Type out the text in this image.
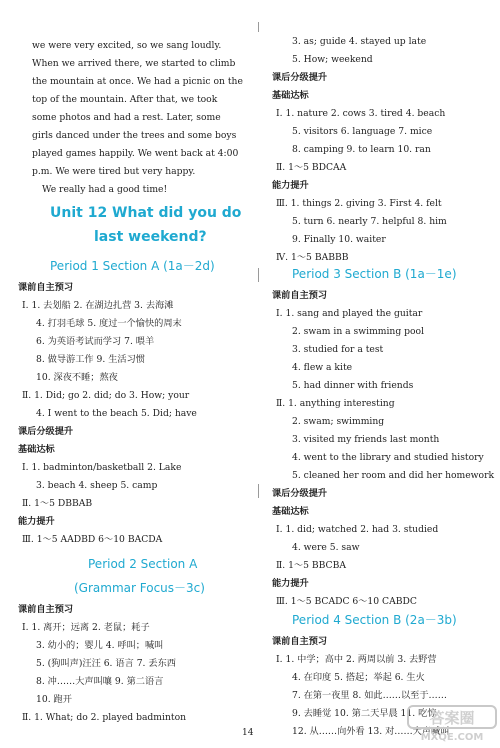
we were very excited, so we sang loudly.
When we arrived there, we started to climb
the mountain at once. We had a picnic on the
top of the mountain. After that, we took
some photos and had a rest. Later, some
girls danced under the trees and some boys
played games happily. We went back at 4:00
p.m. We were tired but very happy.
We really had a good time!
Unit 12 What did you do
last weekend?
Period 1 Section A (1a－2d)
课前自主预习
Ⅰ. 1. 去划船 2. 在湖边扎营 3. 去海滩
4. 打羽毛球 5. 度过一个愉快的周末
6. 为英语考试而学习 7. 喂羊
8. 做导游工作 9. 生活习惯
10. 深夜不睡；熬夜
Ⅱ. 1. Did; go 2. did; do 3. How; your
4. I went to the beach 5. Did; have
课后分级提升
基础达标
Ⅰ. 1. badminton/basketball 2. Lake
3. beach 4. sheep 5. camp
Ⅱ. 1～5 DBBAB
能力提升
Ⅲ. 1～5 AADBD 6～10 BACDA
Period 2 Section A
(Grammar Focus－3c)
课前自主预习
Ⅰ. 1. 离开；远离 2. 老鼠；耗子
3. 幼小的；婴儿 4. 呼叫；喊叫
5. (狗叫声)汪汪 6. 语言 7. 丢东西
8. 冲……大声叫嚷 9. 第二语言
10. 跑开
Ⅱ. 1. What; do 2. played badminton
3. as; guide 4. stayed up late
5. How; weekend
课后分级提升
基础达标
Ⅰ. 1. nature 2. cows 3. tired 4. beach
5. visitors 6. language 7. mice
8. camping 9. to learn 10. ran
Ⅱ. 1～5 BDCAA
能力提升
Ⅲ. 1. things 2. giving 3. First 4. felt
5. turn 6. nearly 7. helpful 8. him
9. Finally 10. waiter
Ⅳ. 1～5 BABBB
Period 3 Section B (1a－1e)
课前自主预习
Ⅰ. 1. sang and played the guitar
2. swam in a swimming pool
3. studied for a test
4. flew a kite
5. had dinner with friends
Ⅱ. 1. anything interesting
2. swam; swimming
3. visited my friends last month
4. went to the library and studied history
5. cleaned her room and did her homework
课后分级提升
基础达标
Ⅰ. 1. did; watched 2. had 3. studied
4. were 5. saw
Ⅱ. 1～5 BBCBA
能力提升
Ⅲ. 1～5 BCADC 6～10 CABDC
Period 4 Section B (2a－3b)
课前自主预习
Ⅰ. 1. 中学；高中 2. 两周以前 3. 去野营
4. 在印度 5. 搭起；举起 6. 生火
7. 在第一夜里 8. 如此……以至于……
9. 去睡觉 10. 第二天早晨 11. 吃惊
12. 从……向外看 13. 对……大声喊叫
14
答案圈
MXQE.COM
